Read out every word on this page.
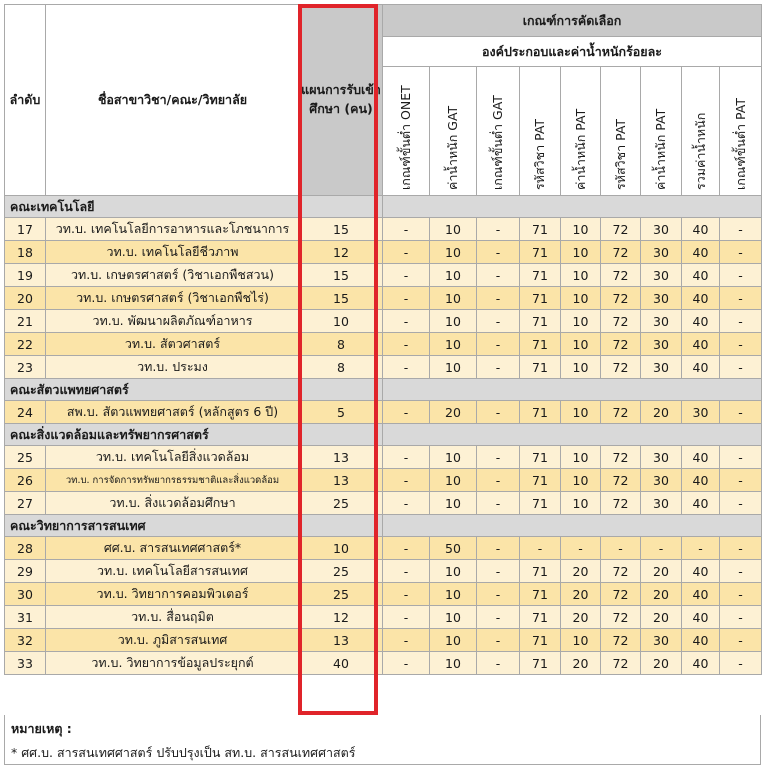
ลำดับ	ชื่อสาขาวิชา/คณะ/วิทยาลัย	แผนการรับเข้าศึกษา (คน)	เกณฑ์การคัดเลือก								
			องค์ประกอบและค่าน้ำหนักร้อยละ								
			เกณฑ์ขั้นต่ำ ONET	ค่าน้ำหนัก GAT	เกณฑ์ขั้นต่ำ GAT	รหัสวิชา PAT	ค่าน้ำหนัก PAT	รหัสวิชา PAT	ค่าน้ำหนัก PAT	รวมค่าน้ำหนัก	เกณฑ์ขั้นต่ำ PAT
คณะเทคโนโลยี											
17	วท.บ. เทคโนโลยีการอาหารและโภชนาการ	15	-	10	-	71	10	72	30	40	-
18	วท.บ. เทคโนโลยีชีวภาพ	12	-	10	-	71	10	72	30	40	-
19	วท.บ. เกษตรศาสตร์ (วิชาเอกพืชสวน)	15	-	10	-	71	10	72	30	40	-
20	วท.บ. เกษตรศาสตร์ (วิชาเอกพืชไร่)	15	-	10	-	71	10	72	30	40	-
21	วท.บ. พัฒนาผลิตภัณฑ์อาหาร	10	-	10	-	71	10	72	30	40	-
22	วท.บ. สัตวศาสตร์	8	-	10	-	71	10	72	30	40	-
23	วท.บ. ประมง	8	-	10	-	71	10	72	30	40	-
คณะสัตวแพทยศาสตร์											
24	สพ.บ. สัตวแพทยศาสตร์ (หลักสูตร 6 ปี)	5	-	20	-	71	10	72	20	30	-
คณะสิ่งแวดล้อมและทรัพยากรศาสตร์											
25	วท.บ. เทคโนโลยีสิ่งแวดล้อม	13	-	10	-	71	10	72	30	40	-
26	วท.บ. การจัดการทรัพยากรธรรมชาติและสิ่งแวดล้อม	13	-	10	-	71	10	72	30	40	-
27	วท.บ. สิ่งแวดล้อมศึกษา	25	-	10	-	71	10	72	30	40	-
คณะวิทยาการสารสนเทศ											
28	ศศ.บ. สารสนเทศศาสตร์*	10	-	50	-	-	-	-	-	-	-
29	วท.บ. เทคโนโลยีสารสนเทศ	25	-	10	-	71	20	72	20	40	-
30	วท.บ. วิทยาการคอมพิวเตอร์	25	-	10	-	71	20	72	20	40	-
31	วท.บ. สื่อนฤมิต	12	-	10	-	71	20	72	20	40	-
32	วท.บ. ภูมิสารสนเทศ	13	-	10	-	71	10	72	30	40	-
33	วท.บ. วิทยาการข้อมูลประยุกต์	40	-	10	-	71	20	72	20	40	-
หมายเหตุ :
* ศศ.บ. สารสนเทศศาสตร์ ปรับปรุงเป็น สท.บ. สารสนเทศศาสตร์
